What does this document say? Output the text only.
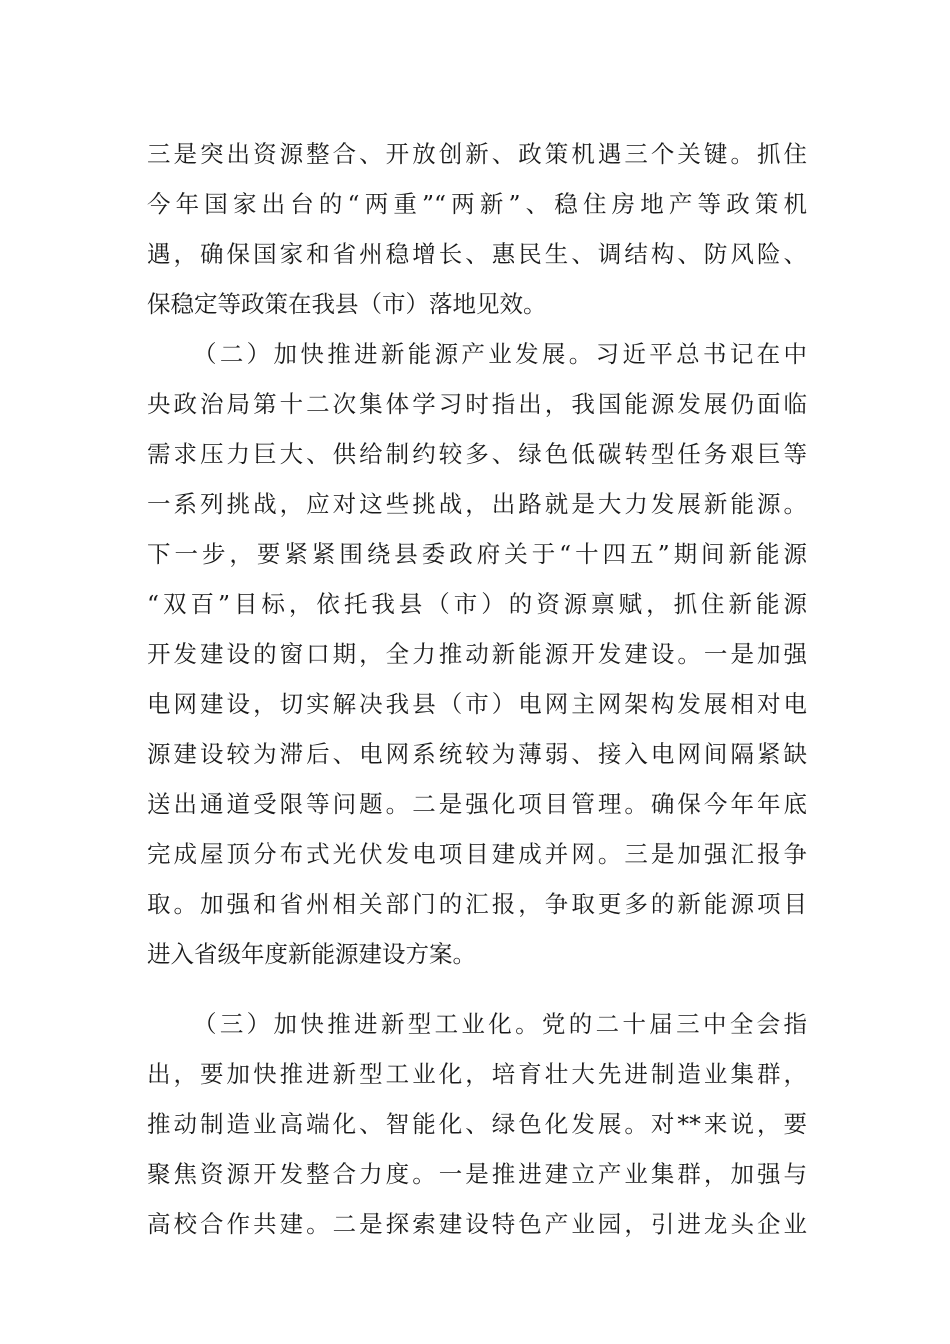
三是突出资源整合、开放创新、政策机遇三个关键。抓住
今年国家出台的“两重”“两新”、稳住房地产等政策机
遇，确保国家和省州稳增长、惠民生、调结构、防风险、
保稳定等政策在我县（市）落地见效。
（二）加快推进新能源产业发展。习近平总书记在中
央政治局第十二次集体学习时指出，我国能源发展仍面临
需求压力巨大、供给制约较多、绿色低碳转型任务艰巨等
一系列挑战，应对这些挑战，出路就是大力发展新能源。
下一步，要紧紧围绕县委政府关于“十四五”期间新能源
“双百”目标，依托我县（市）的资源禀赋，抓住新能源
开发建设的窗口期，全力推动新能源开发建设。一是加强
电网建设，切实解决我县（市）电网主网架构发展相对电
源建设较为滞后、电网系统较为薄弱、接入电网间隔紧缺
送出通道受限等问题。二是强化项目管理。确保今年年底
完成屋顶分布式光伏发电项目建成并网。三是加强汇报争
取。加强和省州相关部门的汇报，争取更多的新能源项目
进入省级年度新能源建设方案。
（三）加快推进新型工业化。党的二十届三中全会指
出，要加快推进新型工业化，培育壮大先进制造业集群，
推动制造业高端化、智能化、绿色化发展。对**来说，要
聚焦资源开发整合力度。一是推进建立产业集群，加强与
高校合作共建。二是探索建设特色产业园，引进龙头企业
